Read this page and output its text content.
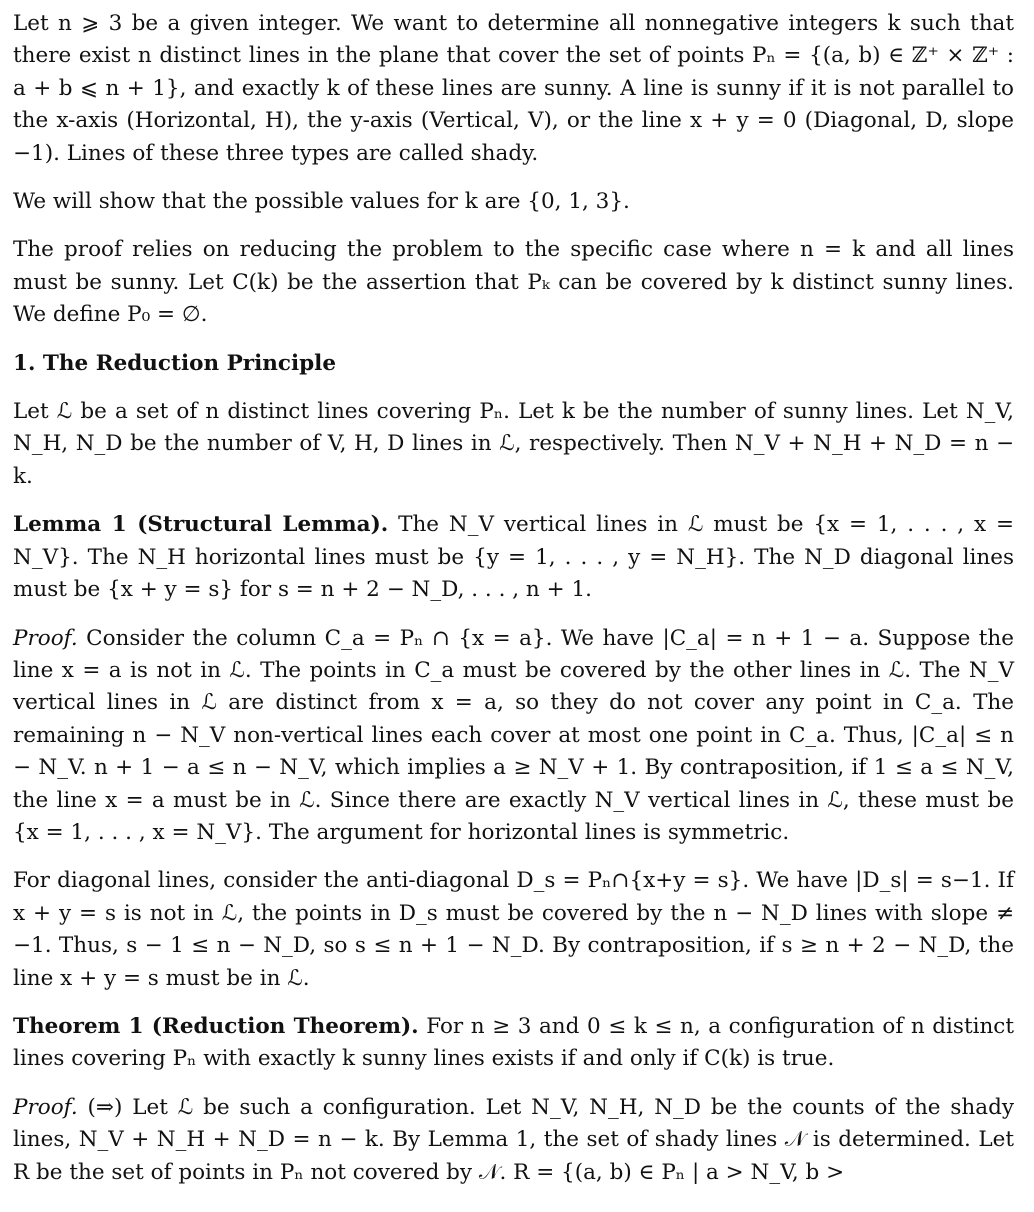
Let n ⩾ 3 be a given integer. We want to determine all nonnegative integers k such that there exist n distinct lines in the plane that cover the set of points Pₙ = {(a, b) ∈ ℤ⁺ × ℤ⁺ : a + b ⩽ n + 1}, and exactly k of these lines are sunny. A line is sunny if it is not parallel to the x-axis (Horizontal, H), the y-axis (Vertical, V), or the line x + y = 0 (Diagonal, D, slope −1). Lines of these three types are called shady.

We will show that the possible values for k are {0, 1, 3}.

The proof relies on reducing the problem to the specific case where n = k and all lines must be sunny. Let C(k) be the assertion that Pₖ can be covered by k distinct sunny lines. We define P₀ = ∅.

1. The Reduction Principle

Let ℒ be a set of n distinct lines covering Pₙ. Let k be the number of sunny lines. Let N_V, N_H, N_D be the number of V, H, D lines in ℒ, respectively. Then N_V + N_H + N_D = n − k.

Lemma 1 (Structural Lemma). The N_V vertical lines in ℒ must be {x = 1, . . . , x = N_V}. The N_H horizontal lines must be {y = 1, . . . , y = N_H}. The N_D diagonal lines must be {x + y = s} for s = n + 2 − N_D, . . . , n + 1.

Proof. Consider the column C_a = Pₙ ∩ {x = a}. We have |C_a| = n + 1 − a. Suppose the line x = a is not in ℒ. The points in C_a must be covered by the other lines in ℒ. The N_V vertical lines in ℒ are distinct from x = a, so they do not cover any point in C_a. The remaining n − N_V non-vertical lines each cover at most one point in C_a. Thus, |C_a| ≤ n − N_V. n + 1 − a ≤ n − N_V, which implies a ≥ N_V + 1. By contraposition, if 1 ≤ a ≤ N_V, the line x = a must be in ℒ. Since there are exactly N_V vertical lines in ℒ, these must be {x = 1, . . . , x = N_V}. The argument for horizontal lines is symmetric.

For diagonal lines, consider the anti-diagonal D_s = Pₙ∩{x+y = s}. We have |D_s| = s−1. If x + y = s is not in ℒ, the points in D_s must be covered by the n − N_D lines with slope ≠ −1. Thus, s − 1 ≤ n − N_D, so s ≤ n + 1 − N_D. By contraposition, if s ≥ n + 2 − N_D, the line x + y = s must be in ℒ.

Theorem 1 (Reduction Theorem). For n ≥ 3 and 0 ≤ k ≤ n, a configuration of n distinct lines covering Pₙ with exactly k sunny lines exists if and only if C(k) is true.

Proof. (⇒) Let ℒ be such a configuration. Let N_V, N_H, N_D be the counts of the shady lines, N_V + N_H + N_D = n − k. By Lemma 1, the set of shady lines 𝒩 is determined. Let R be the set of points in Pₙ not covered by 𝒩. R = {(a, b) ∈ Pₙ | a > N_V, b >
